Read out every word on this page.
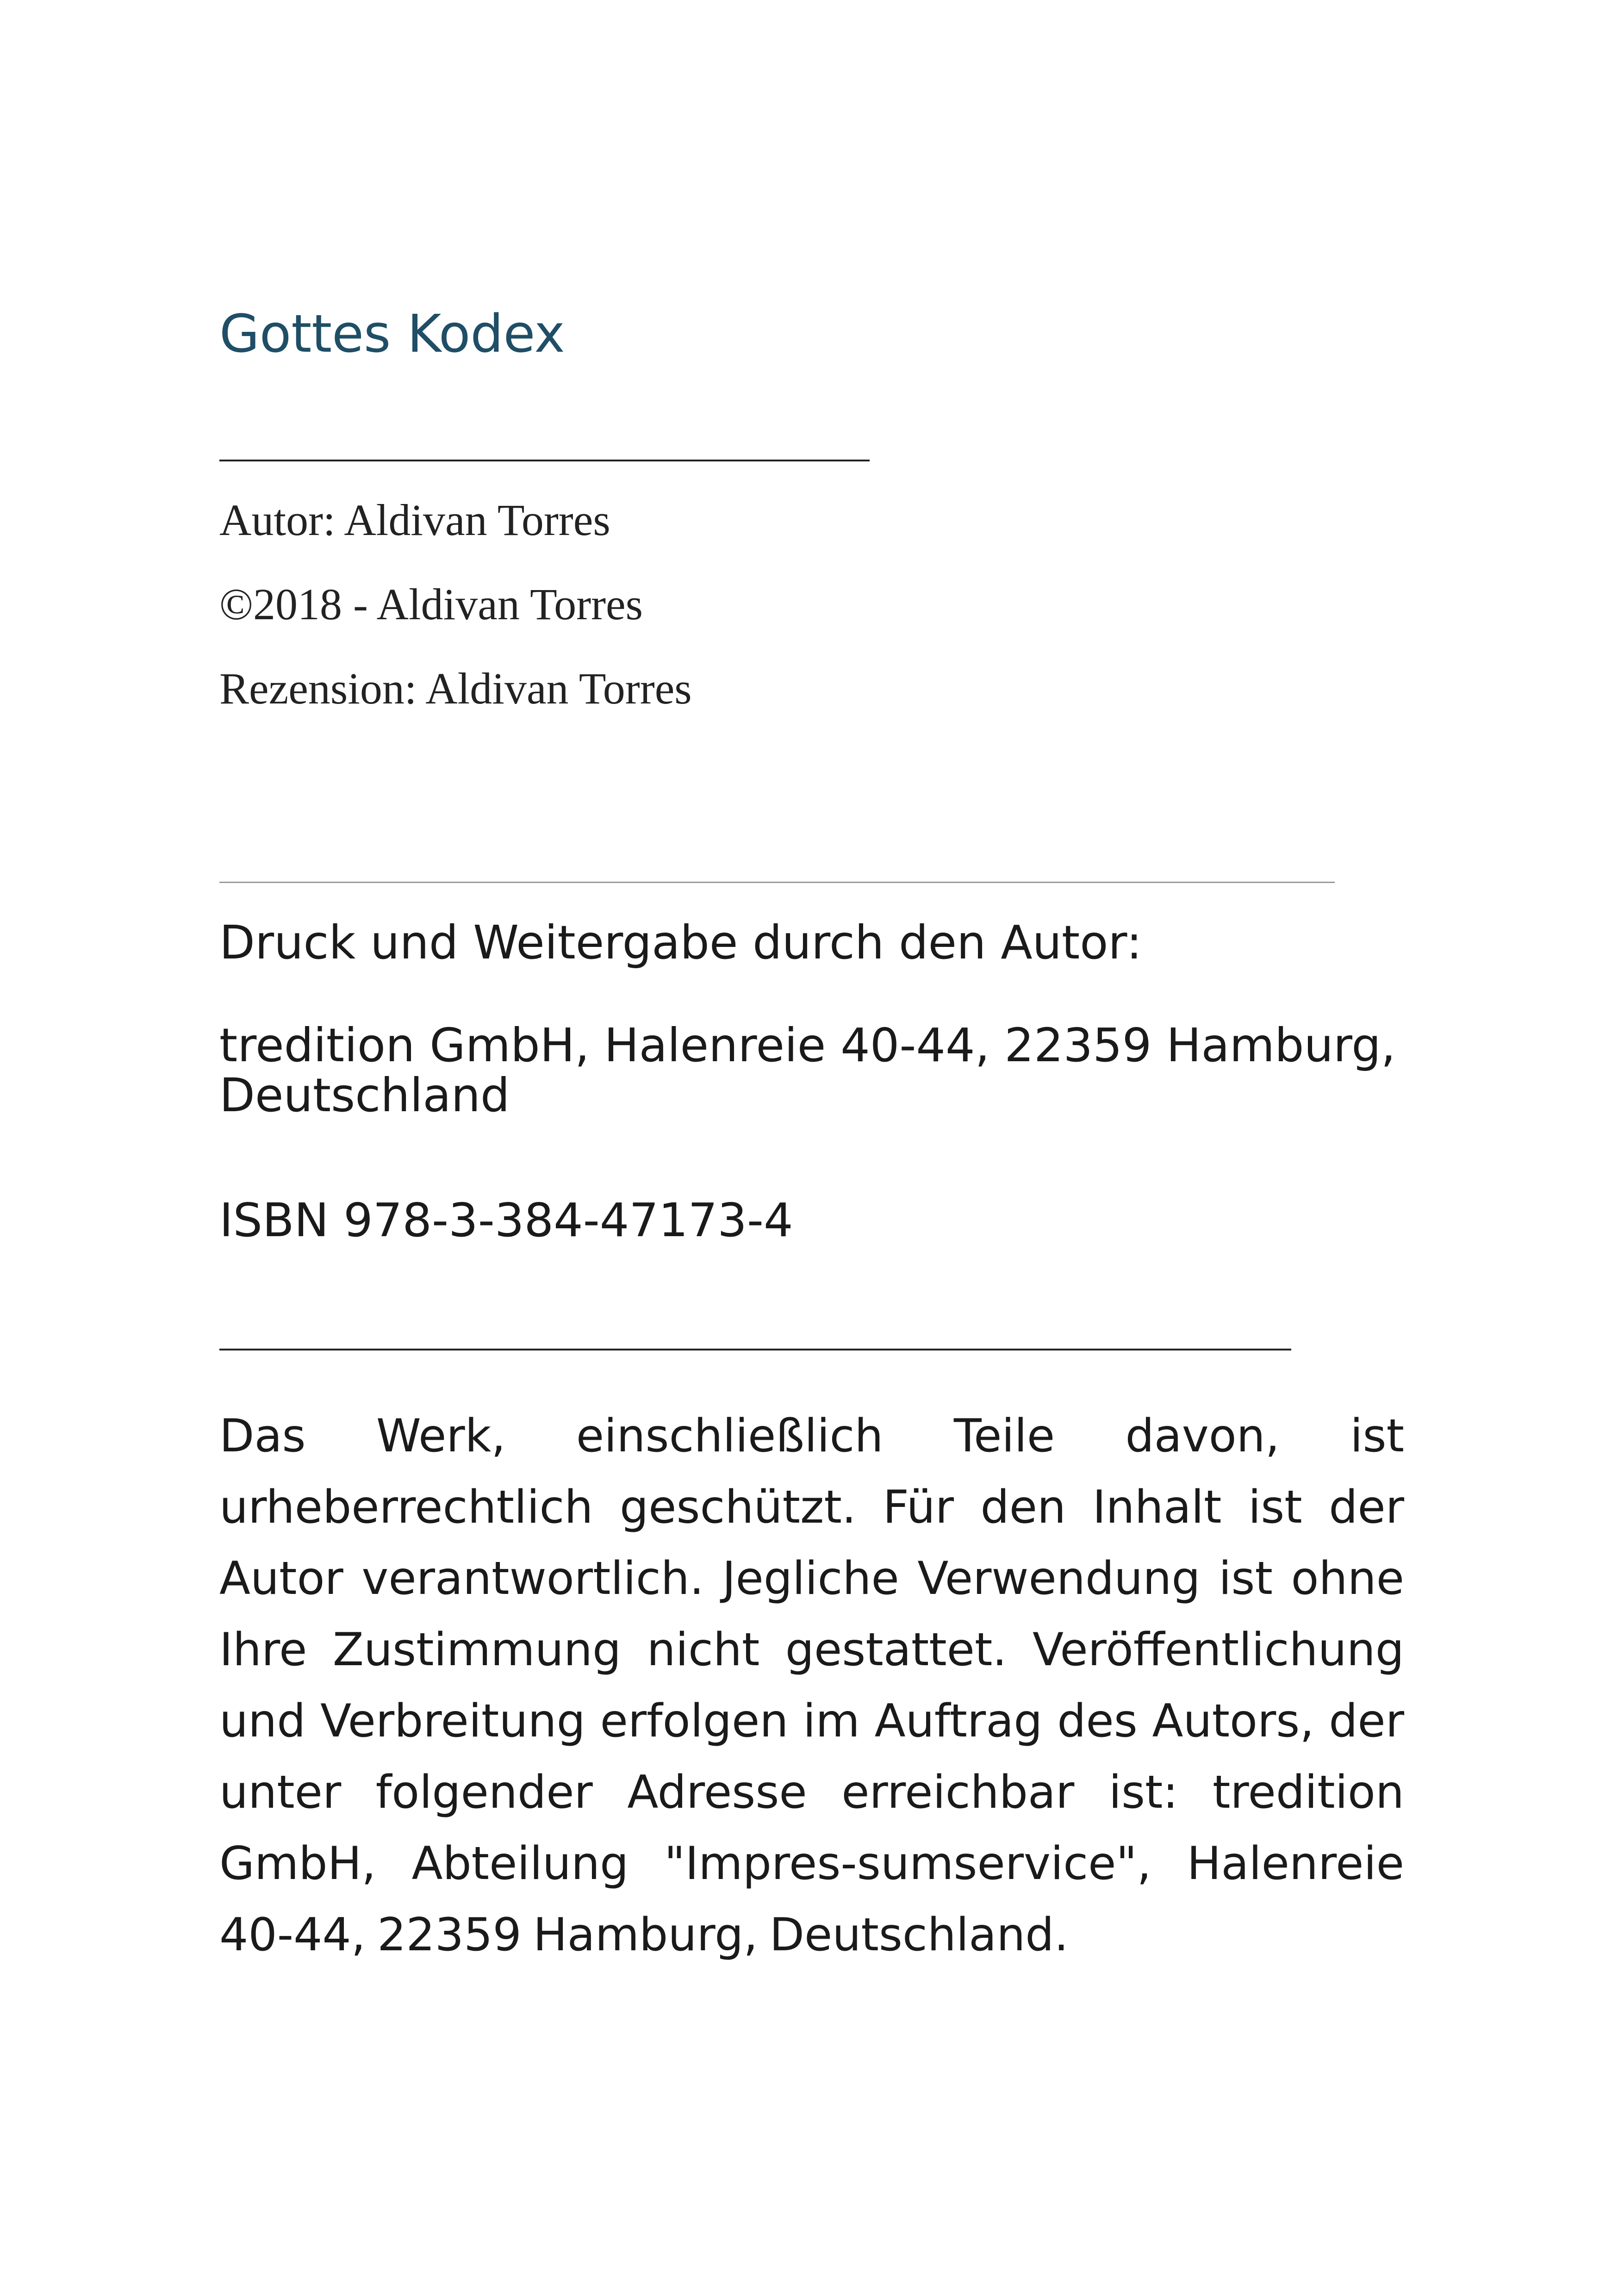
Gottes Kodex
Autor: Aldivan Torres
©2018 - Aldivan Torres
Rezension: Aldivan Torres
Druck und Weitergabe durch den Autor:
tredition GmbH, Halenreie 40-44, 22359 Hamburg, Deutschland
ISBN 978-3-384-47173-4
Das Werk, einschließlich Teile davon, ist urheberrechtlich geschützt. Für den Inhalt ist der Autor verantwortlich. Jegliche Verwendung ist ohne Ihre Zustimmung nicht gestattet. Veröffentlichung und Verbreitung erfolgen im Auftrag des Autors, der unter folgender Adresse erreichbar ist: tredition GmbH, Abteilung "Impres-sumservice", Halenreie 40-44, 22359 Hamburg, Deutschland.
